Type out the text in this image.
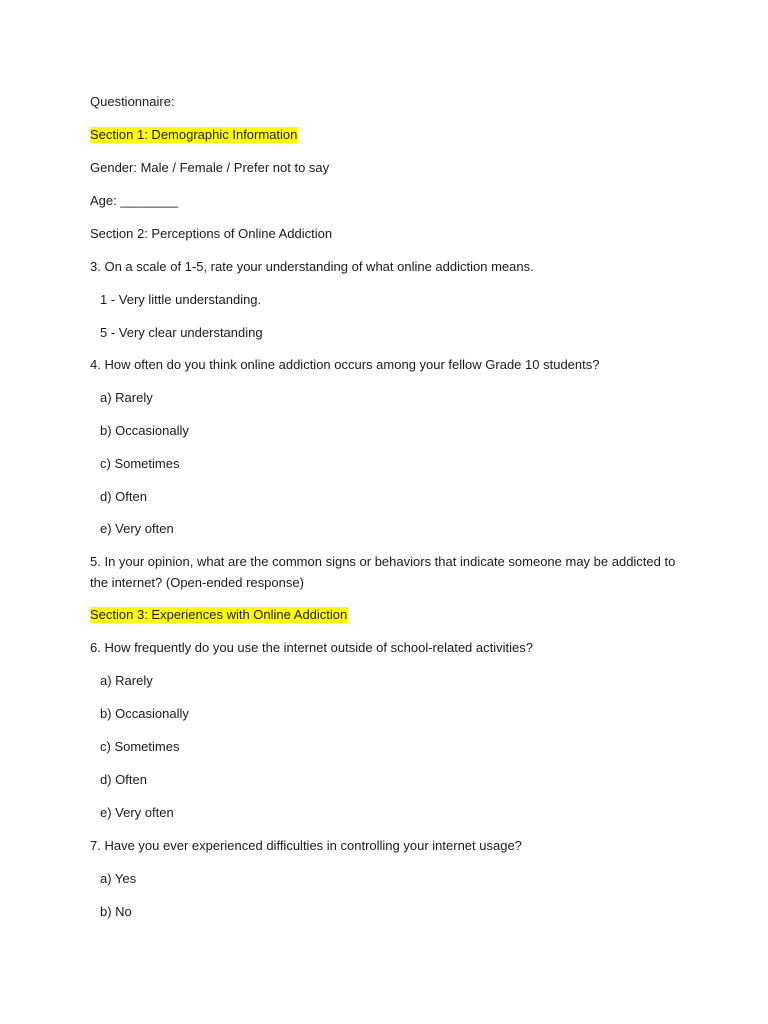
Questionnaire:
Section 1: Demographic Information
Gender: Male / Female / Prefer not to say
Age: ________
Section 2: Perceptions of Online Addiction
3. On a scale of 1-5, rate your understanding of what online addiction means.
1 - Very little understanding.
5 - Very clear understanding
4. How often do you think online addiction occurs among your fellow Grade 10 students?
a) Rarely
b) Occasionally
c) Sometimes
d) Often
e) Very often
5. In your opinion, what are the common signs or behaviors that indicate someone may be addicted to the internet? (Open-ended response)
Section 3: Experiences with Online Addiction
6. How frequently do you use the internet outside of school-related activities?
a) Rarely
b) Occasionally
c) Sometimes
d) Often
e) Very often
7. Have you ever experienced difficulties in controlling your internet usage?
a) Yes
b) No
